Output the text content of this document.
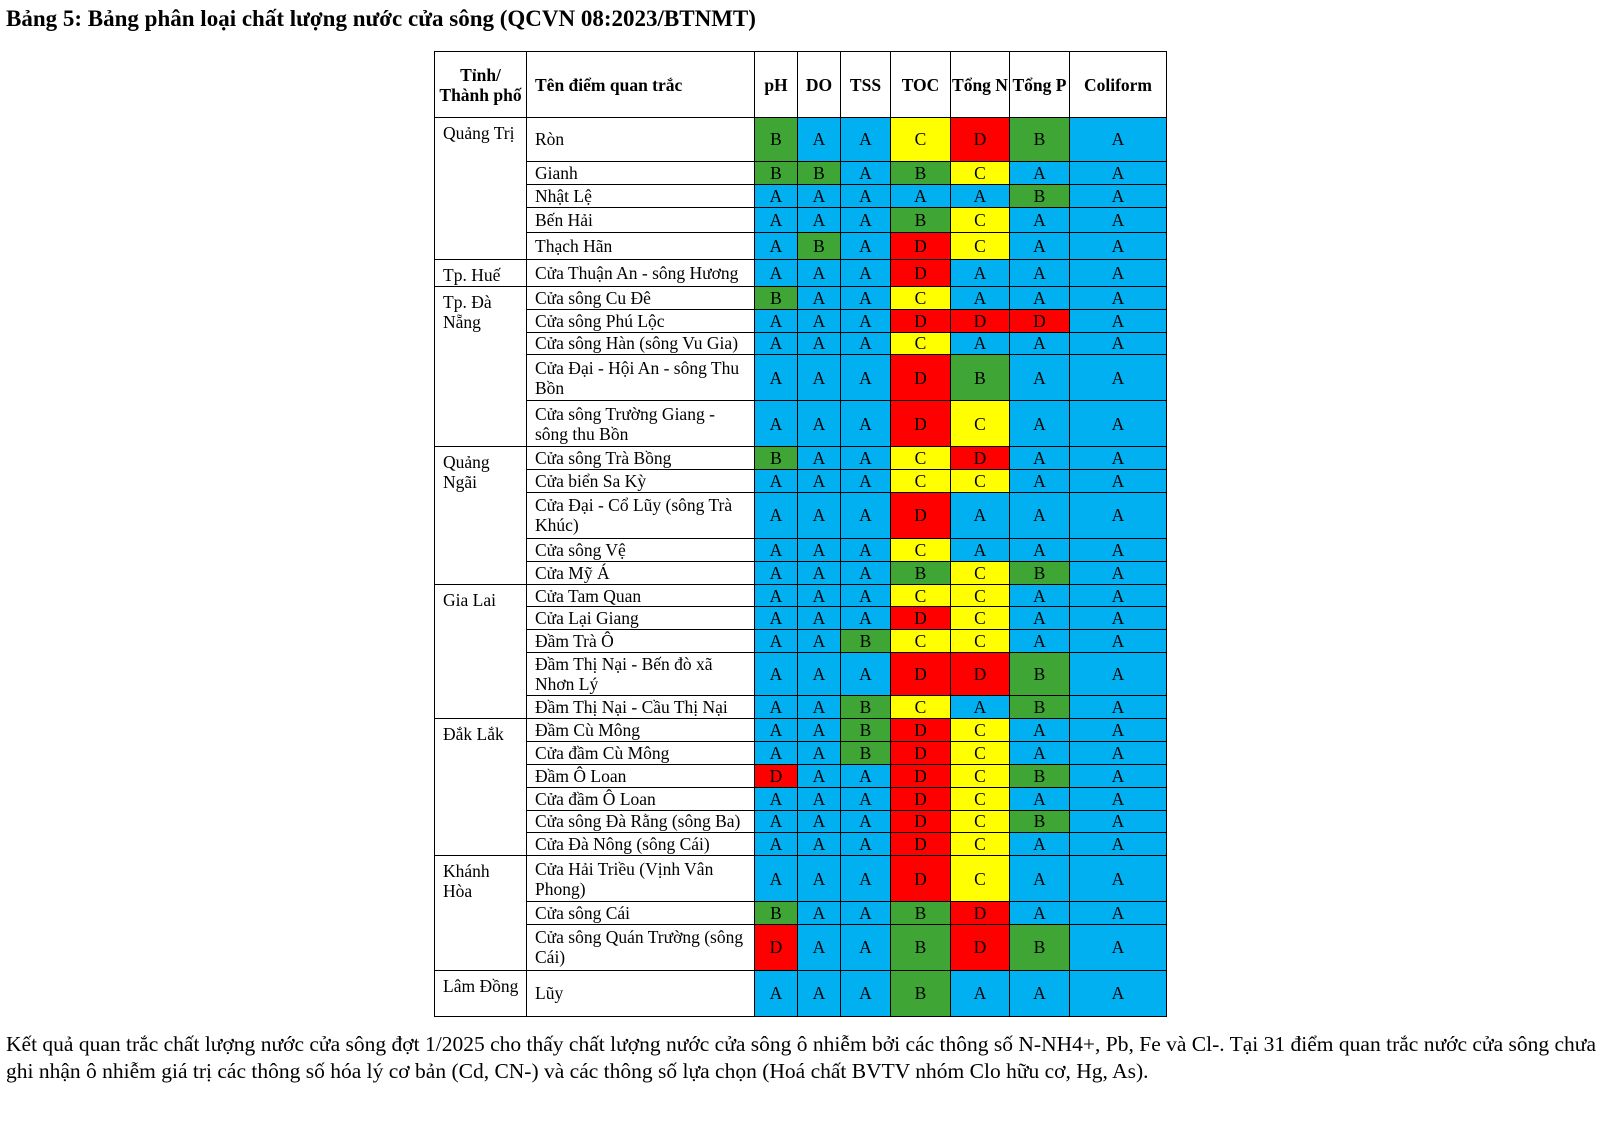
Bảng 5: Bảng phân loại chất lượng nước cửa sông (QCVN 08:2023/BTNMT)
Tỉnh/ Thành phố	Tên điểm quan trắc	pH	DO	TSS	TOC	Tổng N	Tổng P	Coliform
Quảng Trị	Ròn	B	A	A	C	D	B	A
	Gianh	B	B	A	B	C	A	A
	Nhật Lệ	A	A	A	A	A	B	A
	Bến Hải	A	A	A	B	C	A	A
	Thạch Hãn	A	B	A	D	C	A	A
Tp. Huế	Cửa Thuận An - sông Hương	A	A	A	D	A	A	A
Tp. Đà Nẵng	Cửa sông Cu Đê	B	A	A	C	A	A	A
	Cửa sông Phú Lộc	A	A	A	D	D	D	A
	Cửa sông Hàn (sông Vu Gia)	A	A	A	C	A	A	A
	Cửa Đại - Hội An - sông Thu Bồn	A	A	A	D	B	A	A
	Cửa sông Trường Giang - sông thu Bồn	A	A	A	D	C	A	A
Quảng Ngãi	Cửa sông Trà Bồng	B	A	A	C	D	A	A
	Cửa biển Sa Kỳ	A	A	A	C	C	A	A
	Cửa Đại - Cổ Lũy (sông Trà Khúc)	A	A	A	D	A	A	A
	Cửa sông Vệ	A	A	A	C	A	A	A
	Cửa Mỹ Á	A	A	A	B	C	B	A
Gia Lai	Cửa Tam Quan	A	A	A	C	C	A	A
	Cửa Lại Giang	A	A	A	D	C	A	A
	Đầm Trà Ô	A	A	B	C	C	A	A
	Đầm Thị Nại - Bến đò xã Nhơn Lý	A	A	A	D	D	B	A
	Đầm Thị Nại - Cầu Thị Nại	A	A	B	C	A	B	A
Đắk Lắk	Đầm Cù Mông	A	A	B	D	C	A	A
	Cửa đầm Cù Mông	A	A	B	D	C	A	A
	Đầm Ô Loan	D	A	A	D	C	B	A
	Cửa đầm Ô Loan	A	A	A	D	C	A	A
	Cửa sông Đà Rằng (sông Ba)	A	A	A	D	C	B	A
	Cửa Đà Nông (sông Cái)	A	A	A	D	C	A	A
Khánh Hòa	Cửa Hải Triều (Vịnh Vân Phong)	A	A	A	D	C	A	A
	Cửa sông Cái	B	A	A	B	D	A	A
	Cửa sông Quán Trường (sông Cái)	D	A	A	B	D	B	A
Lâm Đồng	Lũy	A	A	A	B	A	A	A

Kết quả quan trắc chất lượng nước cửa sông đợt 1/2025 cho thấy chất lượng nước cửa sông ô nhiễm bởi các thông số N-NH4+, Pb, Fe và Cl-. Tại 31 điểm quan trắc nước cửa sông chưa ghi nhận ô nhiễm giá trị các thông số hóa lý cơ bản (Cd, CN-) và các thông số lựa chọn (Hoá chất BVTV nhóm Clo hữu cơ, Hg, As).
